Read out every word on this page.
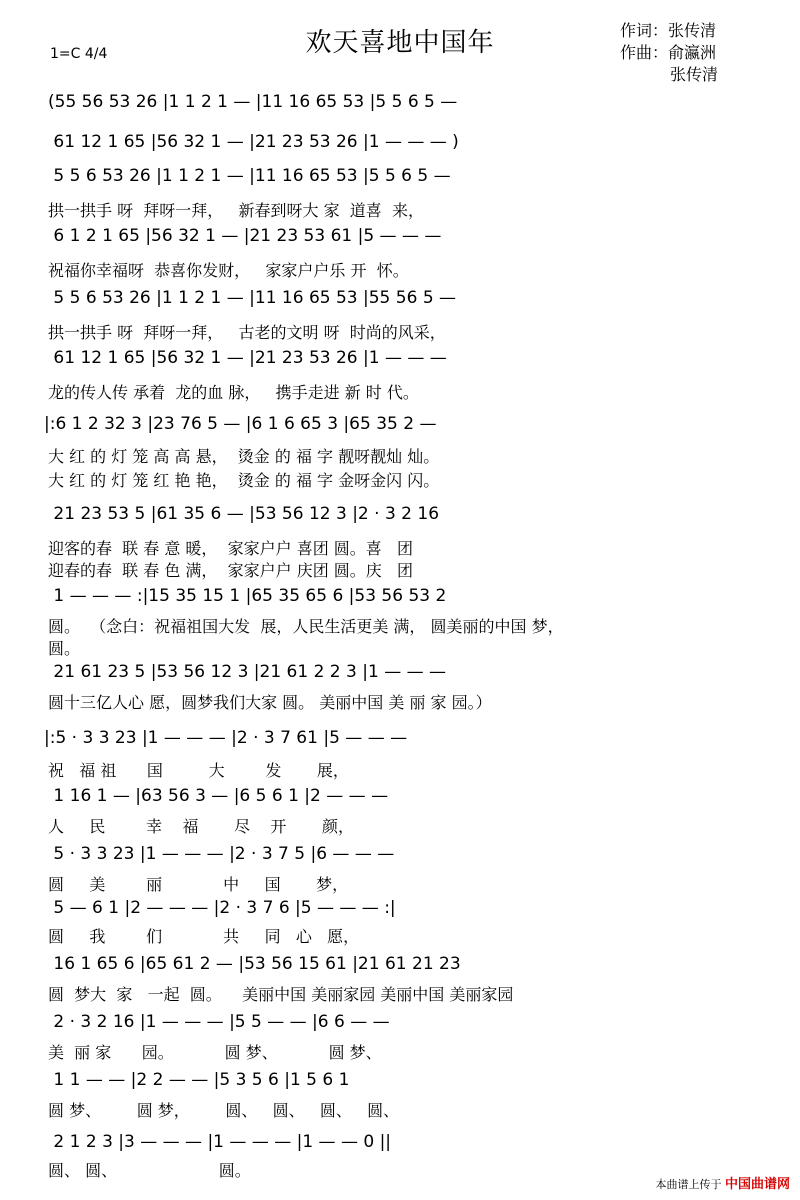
欢天喜地中国年
1=C 4/4
作词：张传清
作曲：俞瀛洲
张传清
(55 56 53 26 |1 1 2 1 — |11 16 65 53 |5 5 6 5 —
61 12 1 65 |56 32 1 — |21 23 53 26 |1 — — — )
5 5 6 53 26 |1 1 2 1 — |11 16 65 53 |5 5 6 5 —
拱一拱手 呀  拜呀一拜，   新春到呀大 家  道喜  来，
6 1 2 1 65 |56 32 1 — |21 23 53 61 |5 — — —
祝福你幸福呀  恭喜你发财，   家家户户乐 开  怀。
5 5 6 53 26 |1 1 2 1 — |11 16 65 53 |55 56 5 —
拱一拱手 呀  拜呀一拜，   古老的文明 呀  时尚的风采，
61 12 1 65 |56 32 1 — |21 23 53 26 |1 — — —
龙的传人传 承着  龙的血 脉，   携手走进 新 时 代。
|:6 1 2 32 3 |23 76 5 — |6 1 6 65 3 |65 35 2 —
大 红 的 灯 笼 高 高 悬，  烫金 的 福 字 靓呀靓灿 灿。
大 红 的 灯 笼 红 艳 艳，  烫金 的 福 字 金呀金闪 闪。
21 23 53 5 |61 35 6 — |53 56 12 3 |2 · 3 2 16
迎客的春  联 春 意 暖，  家家户户 喜团 圆。喜   团
迎春的春  联 春 色 满，  家家户户 庆团 圆。庆   团
1 — — — :|15 35 15 1 |65 35 65 6 |53 56 53 2
圆。  （念白：祝福祖国大发  展，人民生活更美 满， 圆美丽的中国 梦，
圆。
21 61 23 5 |53 56 12 3 |21 61 2 2 3 |1 — — —
圆十三亿人心 愿，圆梦我们大家 圆。 美丽中国 美 丽 家 园。）
|:5 · 3 3 23 |1 — — — |2 · 3 7 61 |5 — — —
祝   福 祖      国         大        发       展，
1 16 1 — |63 56 3 — |6 5 6 1 |2 — — —
人     民        幸    福       尽    开       颜，
5 · 3 3 23 |1 — — — |2 · 3 7 5 |6 — — —
圆     美        丽            中     国       梦，
5 — 6 1 |2 — — — |2 · 3 7 6 |5 — — — :|
圆     我        们            共     同   心   愿，
16 1 65 6 |65 61 2 — |53 56 15 61 |21 61 21 23
圆  梦大  家   一起  圆。    美丽中国 美丽家园 美丽中国 美丽家园
2 · 3 2 16 |1 — — — |5 5 — — |6 6 — —
美  丽 家      园。          圆 梦、          圆 梦、
1 1 — — |2 2 — — |5 3 5 6 |1 5 6 1
圆 梦、       圆 梦，       圆、   圆、   圆、   圆、
2 1 2 3 |3 — — — |1 — — — |1 — — 0 ||
圆、 圆、                    圆。
本曲谱上传于 中国曲谱网
